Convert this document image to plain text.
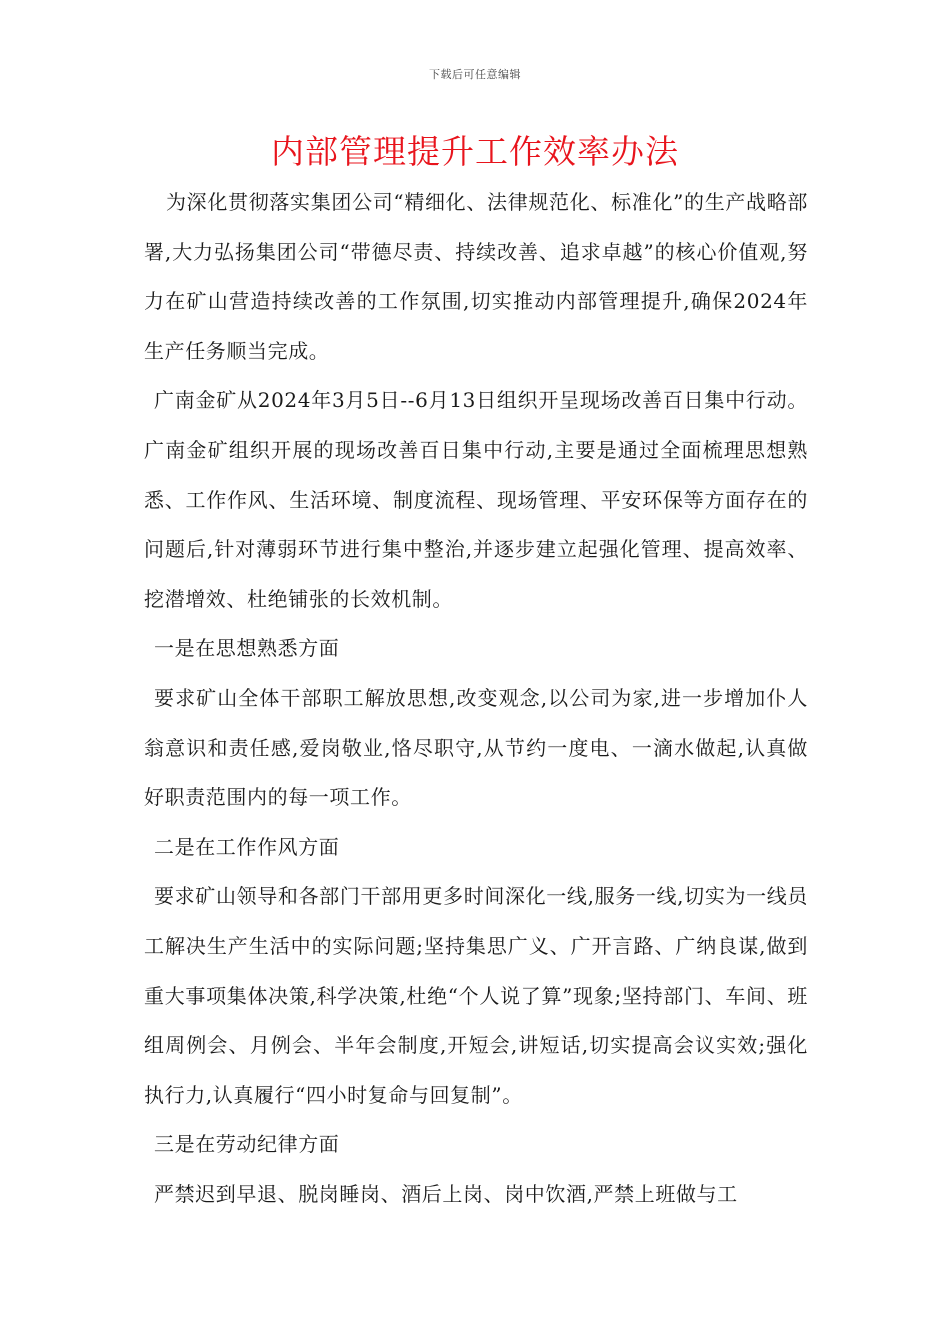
下载后可任意编辑
内部管理提升工作效率办法

为深化贯彻落实集团公司“精细化、法律规范化、标准化”的生产战略部署,大力弘扬集团公司“带德尽责、持续改善、追求卓越”的核心价值观,努力在矿山营造持续改善的工作氛围,切实推动内部管理提升,确保2024年生产任务顺当完成。

广南金矿从2024年3月5日--6月13日组织开呈现场改善百日集中行动。广南金矿组织开展的现场改善百日集中行动,主要是通过全面梳理思想熟悉、工作作风、生活环境、制度流程、现场管理、平安环保等方面存在的问题后,针对薄弱环节进行集中整治,并逐步建立起强化管理、提高效率、挖潜增效、杜绝铺张的长效机制。

一是在思想熟悉方面

要求矿山全体干部职工解放思想,改变观念,以公司为家,进一步增加仆人翁意识和责任感,爱岗敬业,恪尽职守,从节约一度电、一滴水做起,认真做好职责范围内的每一项工作。

二是在工作作风方面

要求矿山领导和各部门干部用更多时间深化一线,服务一线,切实为一线员工解决生产生活中的实际问题;坚持集思广义、广开言路、广纳良谋,做到重大事项集体决策,科学决策,杜绝“个人说了算”现象;坚持部门、车间、班组周例会、月例会、半年会制度,开短会,讲短话,切实提高会议实效;强化执行力,认真履行“四小时复命与回复制”。

三是在劳动纪律方面

严禁迟到早退、脱岗睡岗、酒后上岗、岗中饮酒,严禁上班做与工
